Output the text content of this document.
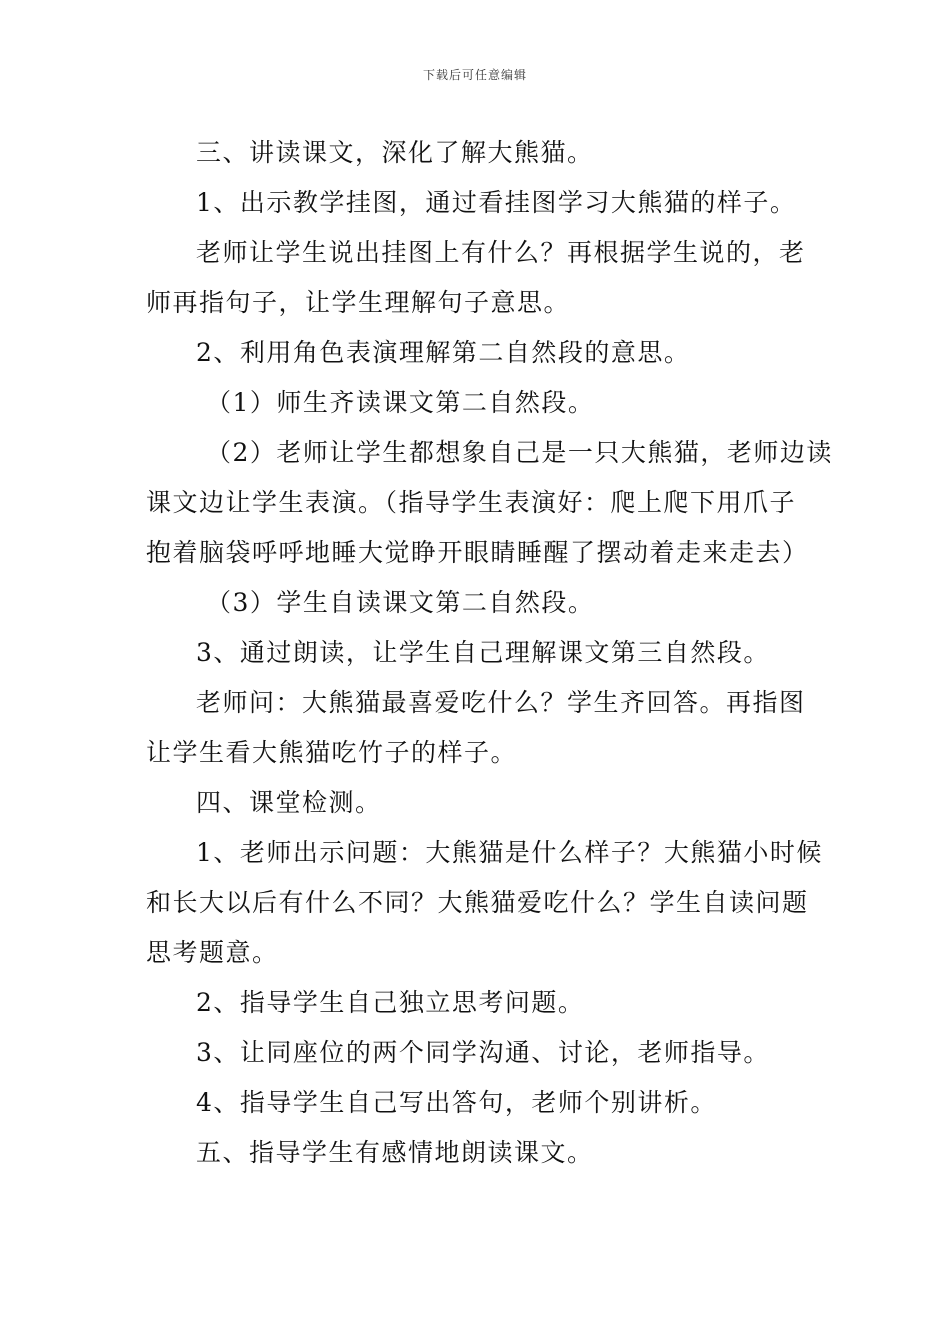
下载后可任意编辑
三、讲读课文，深化了解大熊猫。
1、出示教学挂图，通过看挂图学习大熊猫的样子。
老师让学生说出挂图上有什么？再根据学生说的，老
师再指句子，让学生理解句子意思。
2、利用角色表演理解第二自然段的意思。
（1）师生齐读课文第二自然段。
（2）老师让学生都想象自己是一只大熊猫，老师边读
课文边让学生表演。（指导学生表演好：爬上爬下用爪子
抱着脑袋呼呼地睡大觉睁开眼睛睡醒了摆动着走来走去）
（3）学生自读课文第二自然段。
3、通过朗读，让学生自己理解课文第三自然段。
老师问：大熊猫最喜爱吃什么？学生齐回答。再指图
让学生看大熊猫吃竹子的样子。
四、课堂检测。
1、老师出示问题：大熊猫是什么样子？大熊猫小时候
和长大以后有什么不同？大熊猫爱吃什么？学生自读问题
思考题意。
2、指导学生自己独立思考问题。
3、让同座位的两个同学沟通、讨论，老师指导。
4、指导学生自己写出答句，老师个别讲析。
五、指导学生有感情地朗读课文。
